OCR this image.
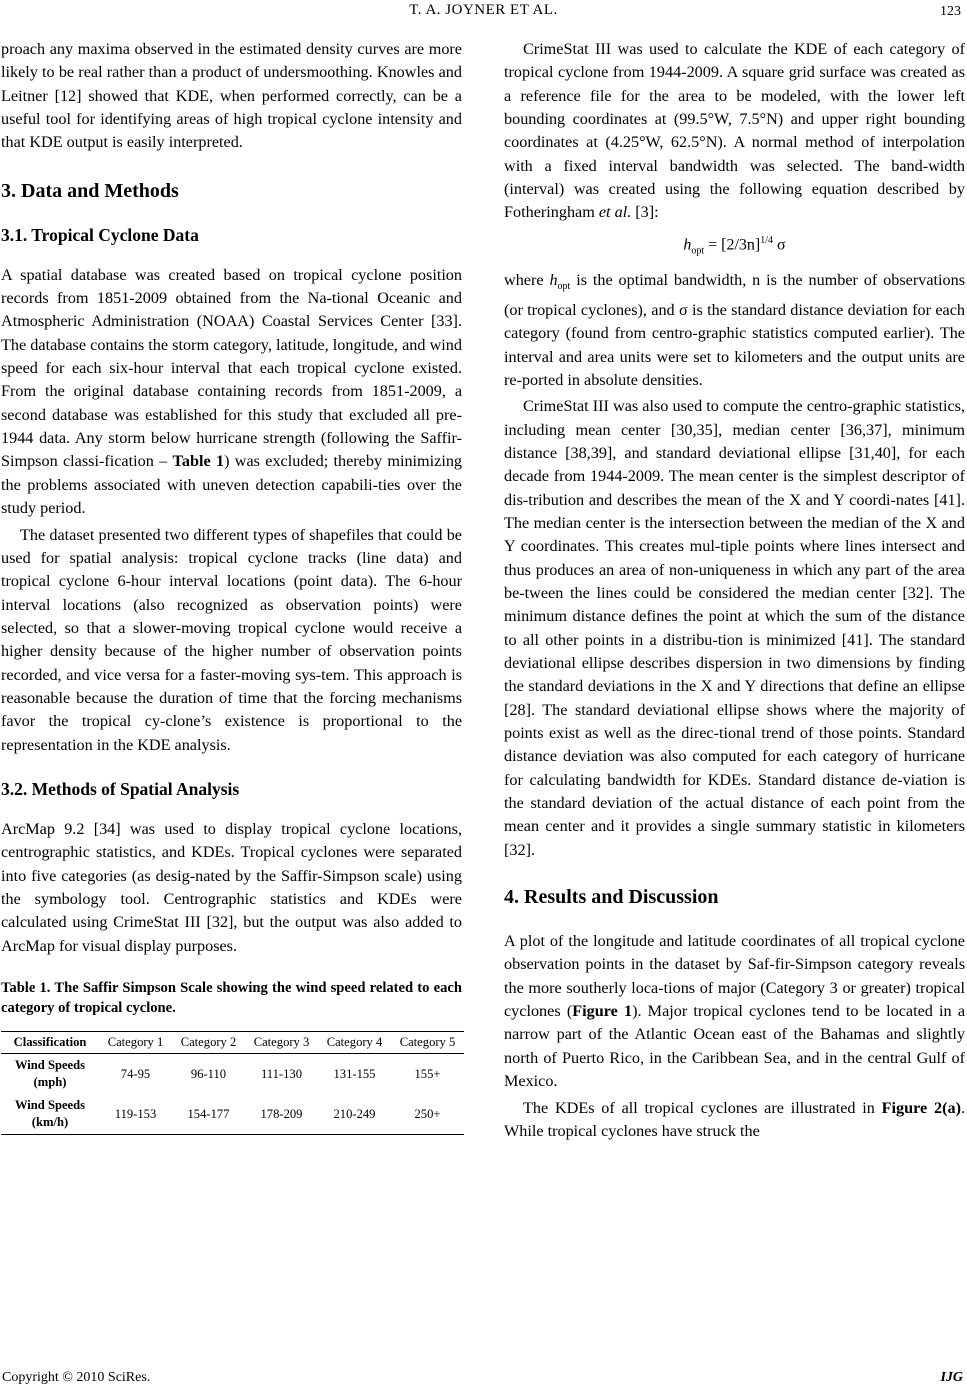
T. A. JOYNER ET AL.	123

proach any maxima observed in the estimated density curves are more likely to be real rather than a product of undersmoothing. Knowles and Leitner [12] showed that KDE, when performed correctly, can be a useful tool for identifying areas of high tropical cyclone intensity and that KDE output is easily interpreted.

3. Data and Methods
3.1. Tropical Cyclone Data

A spatial database was created based on tropical cyclone position records from 1851-2009 obtained from the Na-tional Oceanic and Atmospheric Administration (NOAA) Coastal Services Center [33]. The database contains the storm category, latitude, longitude, and wind speed for each six-hour interval that each tropical cyclone existed. From the original database containing records from 1851-2009, a second database was established for this study that excluded all pre-1944 data. Any storm below hurricane strength (following the Saffir-Simpson classi-fication – Table 1) was excluded; thereby minimizing the problems associated with uneven detection capabili-ties over the study period.

The dataset presented two different types of shapefiles that could be used for spatial analysis: tropical cyclone tracks (line data) and tropical cyclone 6-hour interval locations (point data). The 6-hour interval locations (also recognized as observation points) were selected, so that a slower-moving tropical cyclone would receive a higher density because of the higher number of observation points recorded, and vice versa for a faster-moving sys-tem. This approach is reasonable because the duration of time that the forcing mechanisms favor the tropical cy-clone’s existence is proportional to the representation in the KDE analysis.

3.2. Methods of Spatial Analysis

ArcMap 9.2 [34] was used to display tropical cyclone locations, centrographic statistics, and KDEs. Tropical cyclones were separated into five categories (as desig-nated by the Saffir-Simpson scale) using the symbology tool. Centrographic statistics and KDEs were calculated using CrimeStat III [32], but the output was also added to ArcMap for visual display purposes.

Table 1. The Saffir Simpson Scale showing the wind speed related to each category of tropical cyclone.

Classification	Category 1	Category 2	Category 3	Category 4	Category 5
Wind Speeds
(mph)	74-95	96-110	111-130	131-155	155+
Wind Speeds
(km/h)	119-153	154-177	178-209	210-249	250+

CrimeStat III was used to calculate the KDE of each category of tropical cyclone from 1944-2009. A square grid surface was created as a reference file for the area to be modeled, with the lower left bounding coordinates at (99.5°W, 7.5°N) and upper right bounding coordinates at (4.25°W, 62.5°N). A normal method of interpolation with a fixed interval bandwidth was selected. The band-width (interval) was created using the following equation described by Fotheringham et al. [3]:

$h_{opt} = [2/3n]^{1/4}$ σ

where $h_{opt}$ is the optimal bandwidth, n is the number of observations (or tropical cyclones), and σ is the standard distance deviation for each category (found from centro-graphic statistics computed earlier). The interval and area units were set to kilometers and the output units are re-ported in absolute densities.

CrimeStat III was also used to compute the centro-graphic statistics, including mean center [30,35], median center [36,37], minimum distance [38,39], and standard deviational ellipse [31,40], for each decade from 1944-2009. The mean center is the simplest descriptor of dis-tribution and describes the mean of the X and Y coordi-nates [41]. The median center is the intersection between the median of the X and Y coordinates. This creates mul-tiple points where lines intersect and thus produces an area of non-uniqueness in which any part of the area be-tween the lines could be considered the median center [32]. The minimum distance defines the point at which the sum of the distance to all other points in a distribu-tion is minimized [41]. The standard deviational ellipse describes dispersion in two dimensions by finding the standard deviations in the X and Y directions that define an ellipse [28]. The standard deviational ellipse shows where the majority of points exist as well as the direc-tional trend of those points. Standard distance deviation was also computed for each category of hurricane for calculating bandwidth for KDEs. Standard distance de-viation is the standard deviation of the actual distance of each point from the mean center and it provides a single summary statistic in kilometers [32].

4. Results and Discussion

A plot of the longitude and latitude coordinates of all tropical cyclone observation points in the dataset by Saf-fir-Simpson category reveals the more southerly loca-tions of major (Category 3 or greater) tropical cyclones (Figure 1). Major tropical cyclones tend to be located in a narrow part of the Atlantic Ocean east of the Bahamas and slightly north of Puerto Rico, in the Caribbean Sea, and in the central Gulf of Mexico.

The KDEs of all tropical cyclones are illustrated in Figure 2(a). While tropical cyclones have struck the

Copyright © 2010 SciRes.	IJG
